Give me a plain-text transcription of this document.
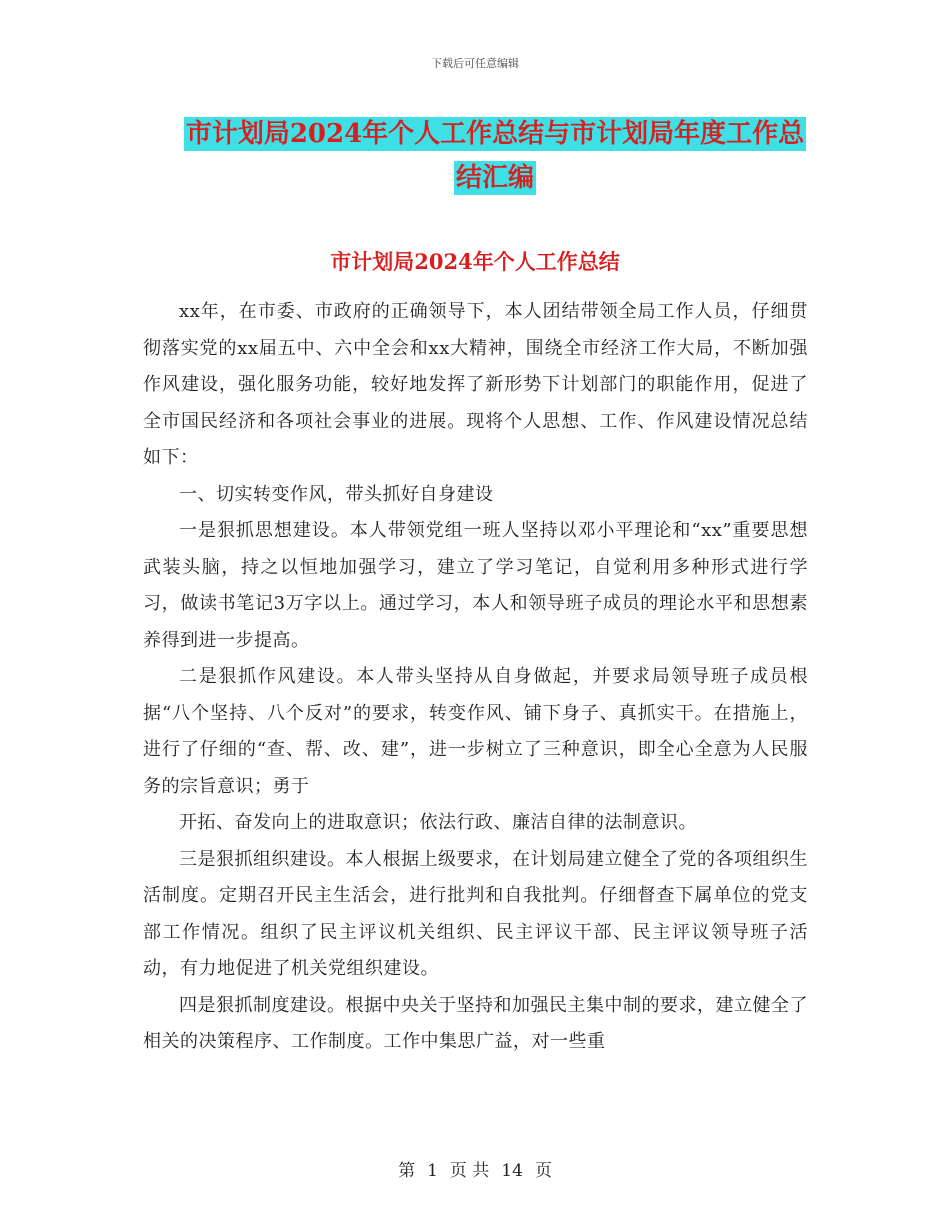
下载后可任意编辑
市计划局2024年个人工作总结与市计划局年度工作总
结汇编
市计划局2024年个人工作总结

xx年，在市委、市政府的正确领导下，本人团结带领全局工作人员，仔细贯彻落实党的xx届五中、六中全会和xx大精神，围绕全市经济工作大局，不断加强作风建设，强化服务功能，较好地发挥了新形势下计划部门的职能作用，促进了全市国民经济和各项社会事业的进展。现将个人思想、工作、作风建设情况总结如下：

一、切实转变作风，带头抓好自身建设

一是狠抓思想建设。本人带领党组一班人坚持以邓小平理论和“xx”重要思想武装头脑，持之以恒地加强学习，建立了学习笔记，自觉利用多种形式进行学习，做读书笔记3万字以上。通过学习，本人和领导班子成员的理论水平和思想素养得到进一步提高。

二是狠抓作风建设。本人带头坚持从自身做起，并要求局领导班子成员根据“八个坚持、八个反对”的要求，转变作风、铺下身子、真抓实干。在措施上，进行了仔细的“查、帮、改、建”，进一步树立了三种意识，即全心全意为人民服务的宗旨意识；勇于

开拓、奋发向上的进取意识；依法行政、廉洁自律的法制意识。

三是狠抓组织建设。本人根据上级要求，在计划局建立健全了党的各项组织生活制度。定期召开民主生活会，进行批判和自我批判。仔细督查下属单位的党支部工作情况。组织了民主评议机关组织、民主评议干部、民主评议领导班子活动，有力地促进了机关党组织建设。

四是狠抓制度建设。根据中央关于坚持和加强民主集中制的要求，建立健全了相关的决策程序、工作制度。工作中集思广益，对一些重

第 1 页 共 14 页
